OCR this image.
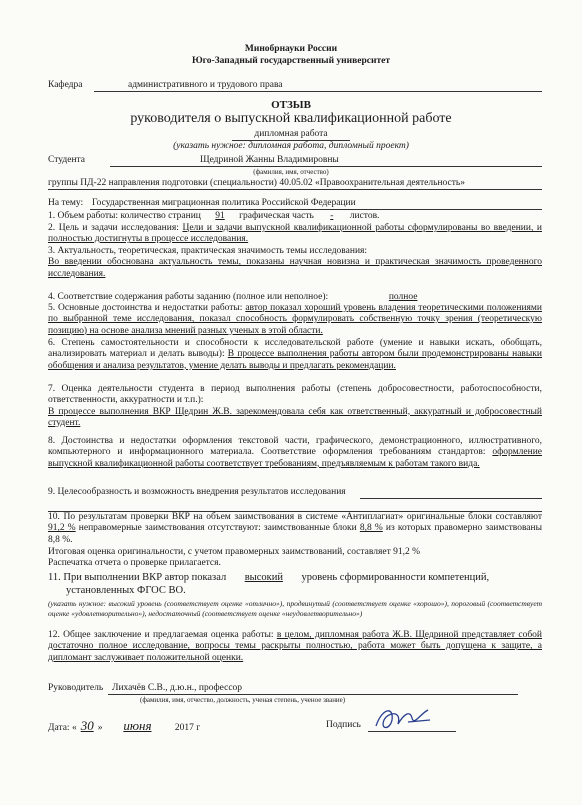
Минобрнауки России
Юго-Западный государственный университет
Кафедра	административного и трудового права
ОТЗЫВ
руководителя о выпускной квалификационной работе
дипломная работа
(указать нужное: дипломная работа, дипломный проект)
Студента	Щедриной Жанны Владимировны
(фамилия, имя, отчество)
группы ПД-22 направления подготовки (специальности) 40.05.02 «Правоохранительная деятельность»
На тему: Государственная миграционная политика Российской Федерации
1. Объем работы: количество страниц 91 графическая часть - листов.
2. Цель и задачи исследования: Цели и задачи выпускной квалификационной работы сформулированы во введении, и полностью достигнуты в процессе исследования.
3. Актуальность, теоретическая, практическая значимость темы исследования:
Во введении обоснована актуальность темы, показаны научная новизна и практическая значимость проведенного исследования.
4. Соответствие содержания работы заданию (полное или неполное):	полное
5. Основные достоинства и недостатки работы: автор показал хороший уровень владения теоретическими положениями по выбранной теме исследования, показал способность формулировать собственную точку зрения (теоретическую позицию) на основе анализа мнений разных ученых в этой области.
6. Степень самостоятельности и способности к исследовательской работе (умение и навыки искать, обобщать, анализировать материал и делать выводы): В процессе выполнения работы автором были продемонстрированы навыки обобщения и анализа результатов, умение делать выводы и предлагать рекомендации.
7. Оценка деятельности студента в период выполнения работы (степень добросовестности, работоспособности, ответственности, аккуратности и т.п.):
В процессе выполнения ВКР Щедрин Ж.В. зарекомендовала себя как ответственный, аккуратный и добросовестный студент.
8. Достоинства и недостатки оформления текстовой части, графического, демонстрационного, иллюстративного, компьютерного и информационного материала. Соответствие оформления требованиям стандартов: оформление выпускной квалификационной работы соответствует требованиям, предъявляемым к работам такого вида.
9. Целесообразность и возможность внедрения результатов исследования
10. По результатам проверки ВКР на объем заимствования в системе «Антиплагиат» оригинальные блоки составляют 91,2 % неправомерные заимствования отсутствуют: заимствованные блоки 8,8 % из которых правомерно заимствованы 8,8 %.
Итоговая оценка оригинальности, с учетом правомерных заимствований, составляет 91,2 %
Распечатка отчета о проверке прилагается.
11. При выполнении ВКР автор показал высокий уровень сформированности компетенций,
установленных ФГОС ВО.
(указать нужное: высокий уровень (соответствует оценке «отлично»), продвинутый (соответствует оценке «хорошо»), пороговый (соответствует оценке «удовлетворительно»), недостаточный (соответствует оценке «неудовлетворительно»)
12. Общее заключение и предлагаемая оценка работы: в целом, дипломная работа Ж.В. Щедриной представляет собой достаточно полное исследование, вопросы темы раскрыты полностью, работа может быть допущена к защите, а дипломант заслуживает положительной оценки.
Руководитель Лихачёв С.В., д.ю.н., профессор
(фамилия, имя, отчество, должность, ученая степень, ученое звание)
Дата: « 30 » июня 2017 г	Подпись
